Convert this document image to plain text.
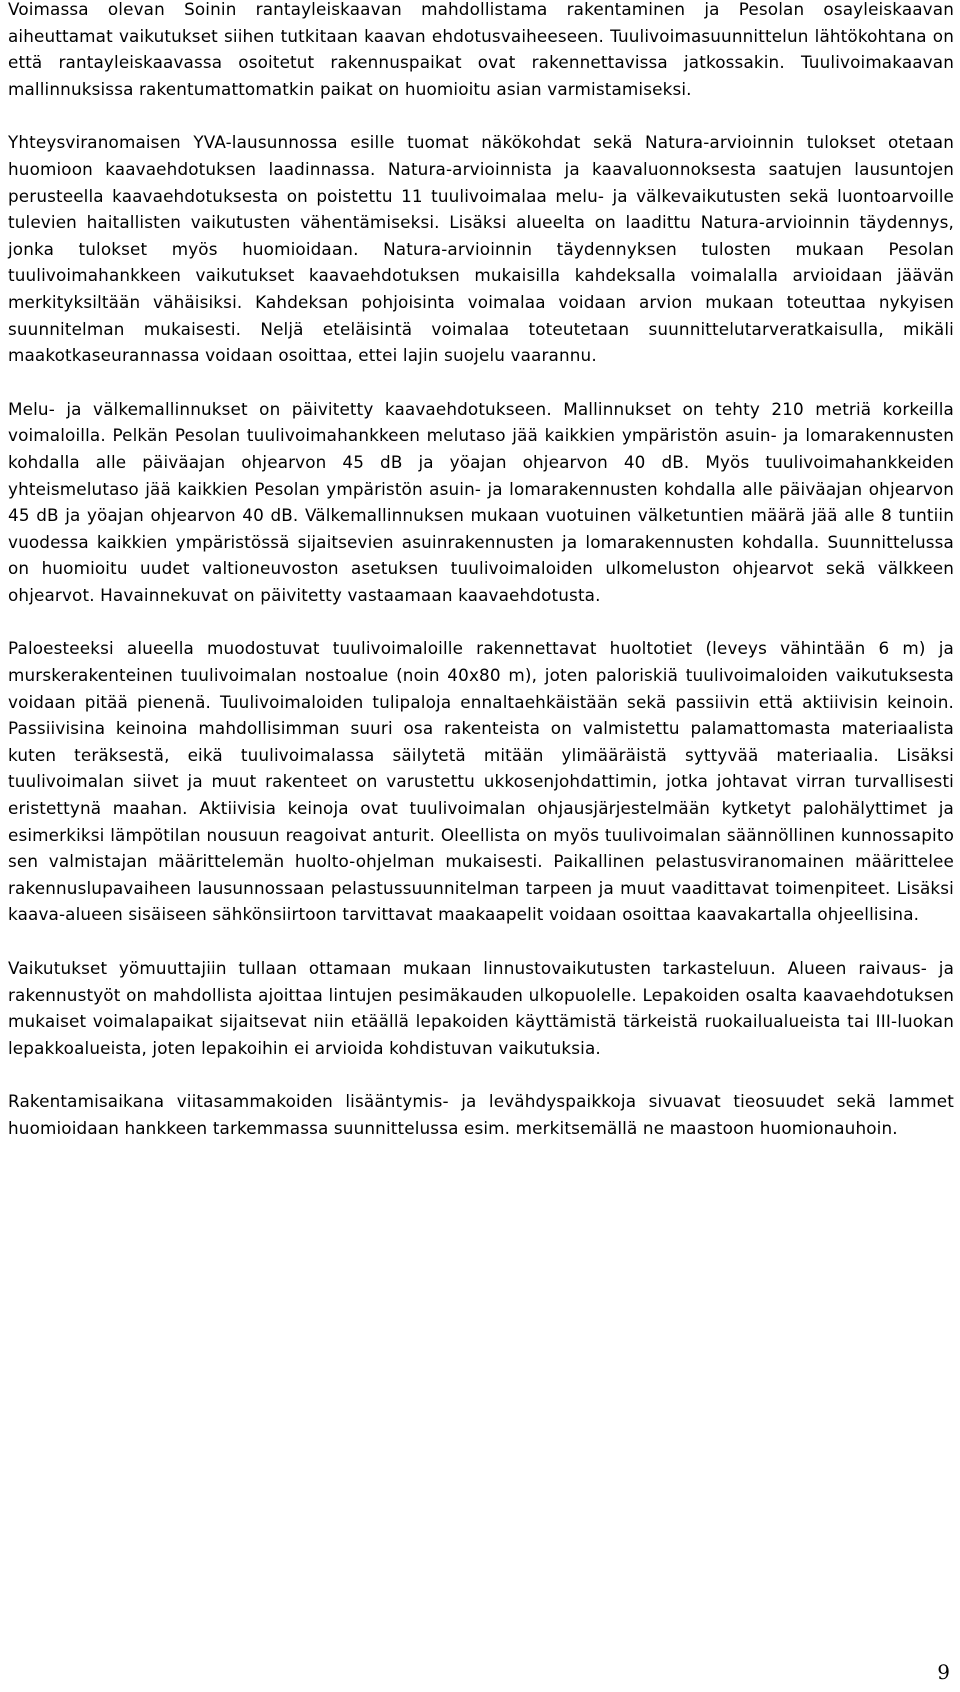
Voimassa olevan Soinin rantayleiskaavan mahdollistama rakentaminen ja Pesolan osayleiskaavan aiheuttamat vaikutukset siihen tutkitaan kaavan ehdotusvaiheeseen. Tuulivoimasuunnittelun lähtökohtana on että rantayleiskaavassa osoitetut rakennuspaikat ovat rakennettavissa jatkossakin. Tuulivoimakaavan mallinnuksissa rakentumattomatkin paikat on huomioitu asian varmistamiseksi.

Yhteysviranomaisen YVA-lausunnossa esille tuomat näkökohdat sekä Natura-arvioinnin tulokset otetaan huomioon kaavaehdotuksen laadinnassa. Natura-arvioinnista ja kaavaluonnoksesta saatujen lausuntojen perusteella kaavaehdotuksesta on poistettu 11 tuulivoimalaa melu- ja välkevaikutusten sekä luontoarvoille tulevien haitallisten vaikutusten vähentämiseksi. Lisäksi alueelta on laadittu Natura-arvioinnin täydennys, jonka tulokset myös huomioidaan. Natura-arvioinnin täydennyksen tulosten mukaan Pesolan tuulivoimahankkeen vaikutukset kaavaehdotuksen mukaisilla kahdeksalla voimalalla arvioidaan jäävän merkityksiltään vähäisiksi. Kahdeksan pohjoisinta voimalaa voidaan arvion mukaan toteuttaa nykyisen suunnitelman mukaisesti. Neljä eteläisintä voimalaa toteutetaan suunnittelutarveratkaisulla, mikäli maakotkaseurannassa voidaan osoittaa, ettei lajin suojelu vaarannu.

Melu- ja välkemallinnukset on päivitetty kaavaehdotukseen. Mallinnukset on tehty 210 metriä korkeilla voimaloilla. Pelkän Pesolan tuulivoimahankkeen melutaso jää kaikkien ympäristön asuin- ja lomarakennusten kohdalla alle päiväajan ohjearvon 45 dB ja yöajan ohjearvon 40 dB. Myös tuulivoimahankkeiden yhteismelutaso jää kaikkien Pesolan ympäristön asuin- ja lomarakennusten kohdalla alle päiväajan ohjearvon 45 dB ja yöajan ohjearvon 40 dB. Välkemallinnuksen mukaan vuotuinen välketuntien määrä jää alle 8 tuntiin vuodessa kaikkien ympäristössä sijaitsevien asuinrakennusten ja lomarakennusten kohdalla. Suunnittelussa on huomioitu uudet valtioneuvoston asetuksen tuulivoimaloiden ulkomeluston ohjearvot sekä välkkeen ohjearvot. Havainnekuvat on päivitetty vastaamaan kaavaehdotusta.

Paloesteeksi alueella muodostuvat tuulivoimaloille rakennettavat huoltotiet (leveys vähintään 6 m) ja murskerakenteinen tuulivoimalan nostoalue (noin 40x80 m), joten paloriskiä tuulivoimaloiden vaikutuksesta voidaan pitää pienenä. Tuulivoimaloiden tulipaloja ennaltaehkäistään sekä passiivin että aktiivisin keinoin. Passiivisina keinoina mahdollisimman suuri osa rakenteista on valmistettu palamattomasta materiaalista kuten teräksestä, eikä tuulivoimalassa säilytetä mitään ylimääräistä syttyvää materiaalia. Lisäksi tuulivoimalan siivet ja muut rakenteet on varustettu ukkosenjohdattimin, jotka johtavat virran turvallisesti eristettynä maahan. Aktiivisia keinoja ovat tuulivoimalan ohjausjärjestelmään kytketyt palohälyttimet ja esimerkiksi lämpötilan nousuun reagoivat anturit. Oleellista on myös tuulivoimalan säännöllinen kunnossapito sen valmistajan määrittelemän huolto-ohjelman mukaisesti. Paikallinen pelastusviranomainen määrittelee rakennuslupavaiheen lausunnossaan pelastussuunnitelman tarpeen ja muut vaadittavat toimenpiteet. Lisäksi kaava-alueen sisäiseen sähkönsiirtoon tarvittavat maakaapelit voidaan osoittaa kaavakartalla ohjeellisina.

Vaikutukset yömuuttajiin tullaan ottamaan mukaan linnustovaikutusten tarkasteluun. Alueen raivaus- ja rakennustyöt on mahdollista ajoittaa lintujen pesimäkauden ulkopuolelle. Lepakoiden osalta kaavaehdotuksen mukaiset voimalapaikat sijaitsevat niin etäällä lepakoiden käyttämistä tärkeistä ruokailualueista tai III-luokan lepakkoalueista, joten lepakoihin ei arvioida kohdistuvan vaikutuksia.

Rakentamisaikana viitasammakoiden lisääntymis- ja levähdyspaikkoja sivuavat tieosuudet sekä lammet huomioidaan hankkeen tarkemmassa suunnittelussa esim. merkitsemällä ne maastoon huomionauhoin.

9
